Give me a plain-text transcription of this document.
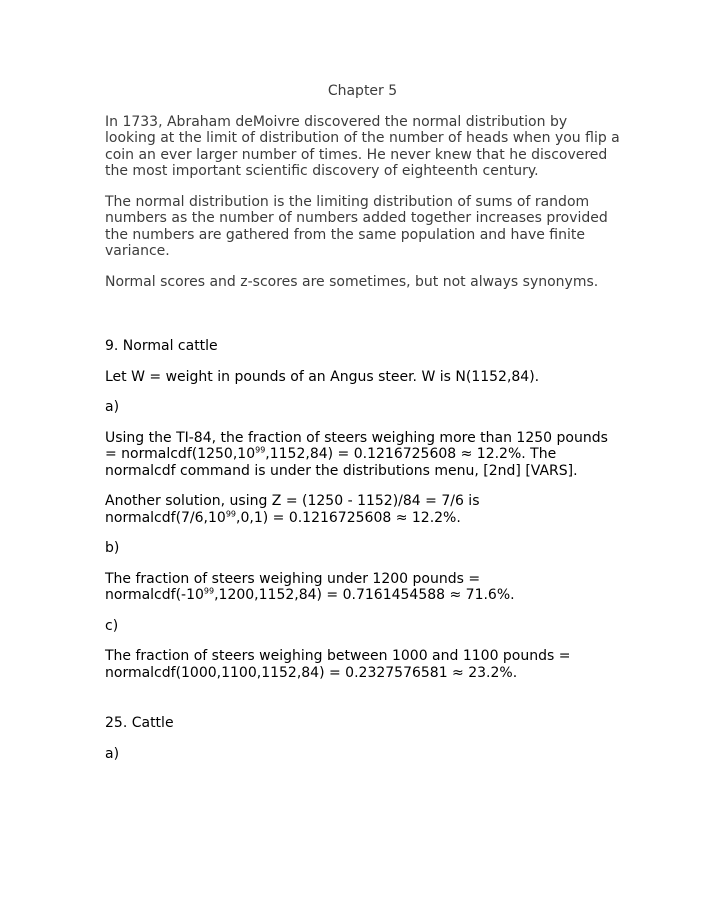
Chapter 5
In 1733, Abraham deMoivre discovered the normal distribution by looking at the limit of distribution of the number of heads when you flip a coin an ever larger number of times. He never knew that he discovered the most important scientific discovery of eighteenth century.
The normal distribution is the limiting distribution of sums of random numbers as the number of numbers added together increases provided the numbers are gathered from the same population and have finite variance.
Normal scores and z-scores are sometimes, but not always synonyms.
9. Normal cattle
Let W = weight in pounds of an Angus steer. W is N(1152,84).
a)
Using the TI-84, the fraction of steers weighing more than 1250 pounds = $normalcdf(1250,10^{99},1152,84) = 0.1216725608 \approx 12.2\%$. The normalcdf command is under the distributions menu, [2nd] [VARS].
Another solution, using Z = (1250 - 1152)/84 = 7/6 is $normalcdf(7/6,10^{99},0,1) = 0.1216725608 \approx 12.2\%$.
b)
The fraction of steers weighing under 1200 pounds = $normalcdf(-10^{99},1200,1152,84) = 0.7161454588 \approx 71.6\%$.
c)
The fraction of steers weighing between 1000 and 1100 pounds = normalcdf(1000,1100,1152,84) = 0.2327576581 ≈ 23.2%.
25. Cattle
a)
